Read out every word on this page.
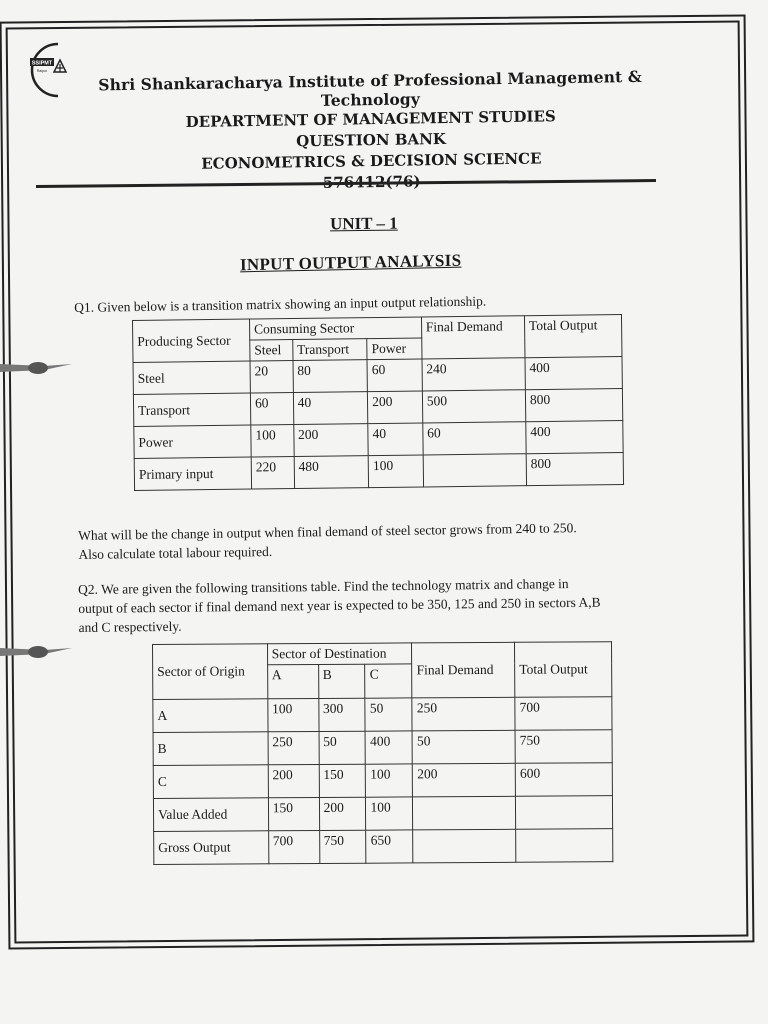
SSIPMT
Raipur	Shri Shankaracharya Institute of Professional Management & Technology
DEPARTMENT OF MANAGEMENT STUDIES
QUESTION BANK
ECONOMETRICS & DECISION SCIENCE
UNIT – 1
INPUT OUTPUT ANALYSIS
Q1. Given below is a transition matrix showing an input output relationship.
Producing Sector	Consuming Sector			Final Demand	Total Output
	Steel	Transport	Power		
Steel	20	80	60	240	400
Transport	60	40	200	500	800
Power	100	200	40	60	400
Primary input	220	480	100		800
What will be the change in output when final demand of steel sector grows from 240 to 250.
Also calculate total labour required.
Q2. We are given the following transitions table. Find the technology matrix and change in
output of each sector if final demand next year is expected to be 350, 125 and 250 in sectors A,B
and C respectively.
Sector of Origin	Sector of Destination			Final Demand	Total Output
	A	B	C		
A	100	300	50	250	700
B	250	50	400	50	750
C	200	150	100	200	600
Value Added	150	200	100		
Gross Output	700	750	650		
